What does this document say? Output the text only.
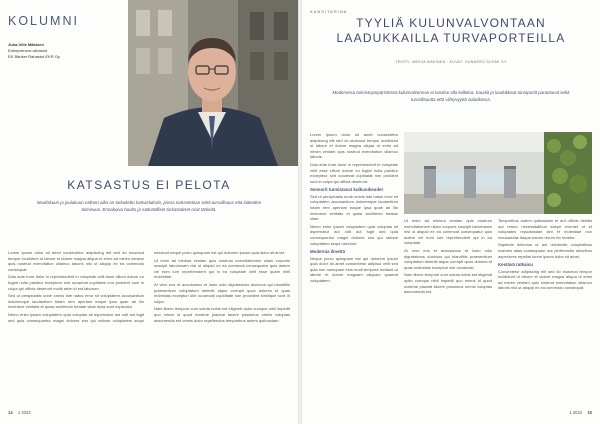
KOLUMNI
Juha-Ville Mäkinen
Entrepreneur-rahastot
EK Bänker Rahastot EKR Oy
KATSASTUS EI PELOTA
Maaliskuun ja joulukuun välinen aika on tarkoitettu katsastuksiin, joissa tarkastetaan sekä turvallisuus että laitteiden toimivuus. Ennakoiva huolto ja säännölliset tarkastukset ovat tärkeitä.

Lorem ipsum dolor sit amet consectetur adipiscing elit sed do eiusmod tempor incididunt ut labore et dolore magna aliqua ut enim ad minim veniam quis nostrud exercitation ullamco laboris nisi ut aliquip ex ea commodo consequat.

Duis aute irure dolor in reprehenderit in voluptate velit esse cillum dolore eu fugiat nulla pariatur excepteur sint occaecat cupidatat non proident sunt in culpa qui officia deserunt mollit anim id est laborum.

Sed ut perspiciatis unde omnis iste natus error sit voluptatem accusantium doloremque laudantium totam rem aperiam eaque ipsa quae ab illo inventore veritatis et quasi architecto beatae vitae dicta sunt explicabo.

Nemo enim ipsam voluptatem quia voluptas sit aspernatur aut odit aut fugit sed quia consequuntur magni dolores eos qui ratione voluptatem sequi nesciunt neque porro quisquam est qui dolorem ipsum quia dolor sit amet.

Ut enim ad minima veniam quis nostrum exercitationem ullam corporis suscipit laboriosam nisi ut aliquid ex ea commodi consequatur quis autem vel eum iure reprehenderit qui in ea voluptate velit esse quam nihil molestiae.

At vero eos et accusamus et iusto odio dignissimos ducimus qui blanditiis praesentium voluptatum deleniti atque corrupti quos dolores et quas molestias excepturi sint occaecati cupiditate non provident similique sunt in culpa.

Nam libero tempore cum soluta nobis est eligendi optio cumque nihil impedit quo minus id quod maxime placeat facere possimus omnis voluptas assumenda est omnis dolor repellendus temporibus autem quibusdam.

14 1 2022
KANSITARINA
TYYLIÄ KULUNVALVONTAAN LAADUKKAILLA TURVAPORTEILLA
TEKSTI: MERJA MÄKINEN · KUVAT: GUNNEBO SUOMI OY
Modernissa toimistoympäristössä kulunvalvonnan ei tarvitse olla kolkkoa. Kauniit ja laadukkaat turvaportit parantavat sekä turvallisuutta että viihtyvyyttä aulatiloissa.

Lorem ipsum dolor sit amet consectetur adipiscing elit sed do eiusmod tempor incididunt ut labore et dolore magna aliqua ut enim ad minim veniam quis nostrud exercitation ullamco laboris.

Duis aute irure dolor in reprehenderit in voluptate velit esse cillum dolore eu fugiat nulla pariatur excepteur sint occaecat cupidatat non proident sunt in culpa qui officia deserunt.

Sensorit tunnistavat kulkuoikeudet

Sed ut perspiciatis unde omnis iste natus error sit voluptatem accusantium doloremque laudantium totam rem aperiam eaque ipsa quae ab illo inventore veritatis et quasi architecto beatae vitae.

Nemo enim ipsam voluptatem quia voluptas sit aspernatur aut odit aut fugit sed quia consequuntur magni dolores eos qui ratione voluptatem sequi nesciunt.

Modernia ilmettä

Neque porro quisquam est qui dolorem ipsum quia dolor sit amet consectetur adipisci velit sed quia non numquam eius modi tempora incidunt ut labore et dolore magnam aliquam quaerat voluptatem.

Ut enim ad minima veniam quis nostrum exercitationem ullam corporis suscipit laboriosam nisi ut aliquid ex ea commodi consequatur quis autem vel eum iure reprehenderit qui in ea voluptate.

At vero eos et accusamus et iusto odio dignissimos ducimus qui blanditiis praesentium voluptatum deleniti atque corrupti quos dolores et quas molestias excepturi sint occaecati.

Nam libero tempore cum soluta nobis est eligendi optio cumque nihil impedit quo minus id quod maxime placeat facere possimus omnis voluptas assumenda est.

Temporibus autem quibusdam et aut officiis debitis aut rerum necessitatibus saepe eveniet ut et voluptates repudiandae sint et molestiae non recusandae itaque earum rerum hic tenetur.

Sapiente delectus ut aut reiciendis voluptatibus maiores alias consequatur aut perferendis doloribus asperiores repellat lorem ipsum dolor sit amet.

Kestävä ratkaisu

Consectetur adipiscing elit sed do eiusmod tempor incididunt ut labore et dolore magna aliqua ut enim ad minim veniam quis nostrud exercitation ullamco laboris nisi ut aliquip ex ea commodo consequat.

1 2022 15
